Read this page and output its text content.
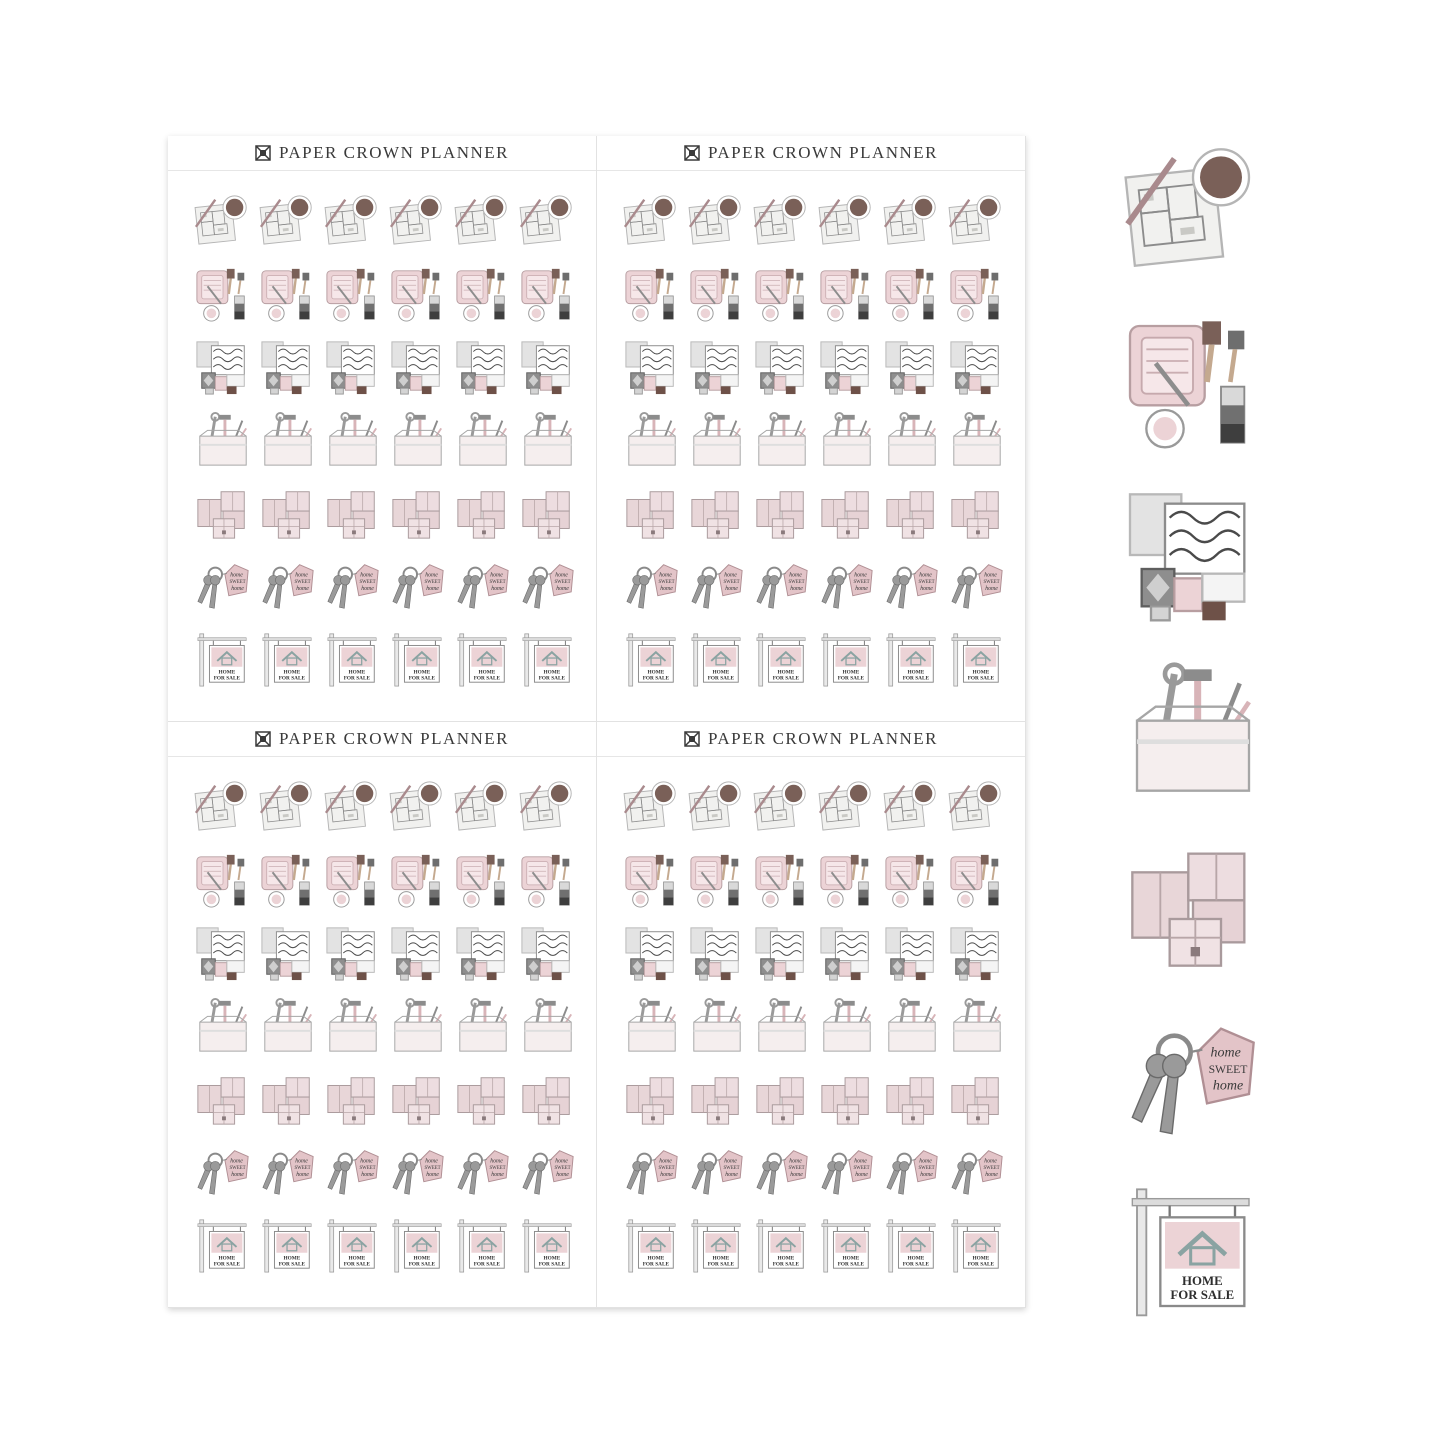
PAPER CROWN PLANNER
home
SWEET
home
home
SWEET
home
home
SWEET
home
home
SWEET
home
home
SWEET
home
home
SWEET
home
HOME
FOR SALE
HOME
FOR SALE
HOME
FOR SALE
HOME
FOR SALE
HOME
FOR SALE
HOME
FOR SALE
PAPER CROWN PLANNER
home
SWEET
home
home
SWEET
home
home
SWEET
home
home
SWEET
home
home
SWEET
home
home
SWEET
home
HOME
FOR SALE
HOME
FOR SALE
HOME
FOR SALE
HOME
FOR SALE
HOME
FOR SALE
HOME
FOR SALE
PAPER CROWN PLANNER
home
SWEET
home
home
SWEET
home
home
SWEET
home
home
SWEET
home
home
SWEET
home
home
SWEET
home
HOME
FOR SALE
HOME
FOR SALE
HOME
FOR SALE
HOME
FOR SALE
HOME
FOR SALE
HOME
FOR SALE
PAPER CROWN PLANNER
home
SWEET
home
home
SWEET
home
home
SWEET
home
home
SWEET
home
home
SWEET
home
home
SWEET
home
HOME
FOR SALE
HOME
FOR SALE
HOME
FOR SALE
HOME
FOR SALE
HOME
FOR SALE
HOME
FOR SALE
home
SWEET
home
HOME
FOR SALE
